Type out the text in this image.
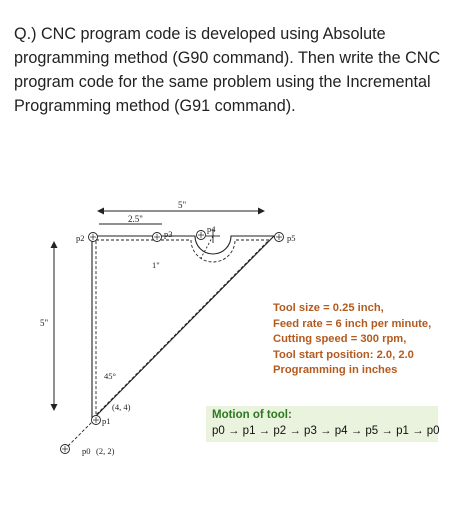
Q.) CNC program code is developed using Absolute
programming method (G90 command). Then write the CNC
program code for the same problem using the Incremental
Programming method (G91 command).
5"
2.5"
5"
1"
45°
p2	p3	p4
p5
p1
(4, 4)
p0 (2, 2)
Tool size = 0.25 inch,
Feed rate = 6 inch per minute,
Cutting speed = 300 rpm,
Tool start position: 2.0, 2.0
Programming in inches
Motion of tool:
p0 → p1 → p2 → p3 → p4 → p5 → p1 → p0
